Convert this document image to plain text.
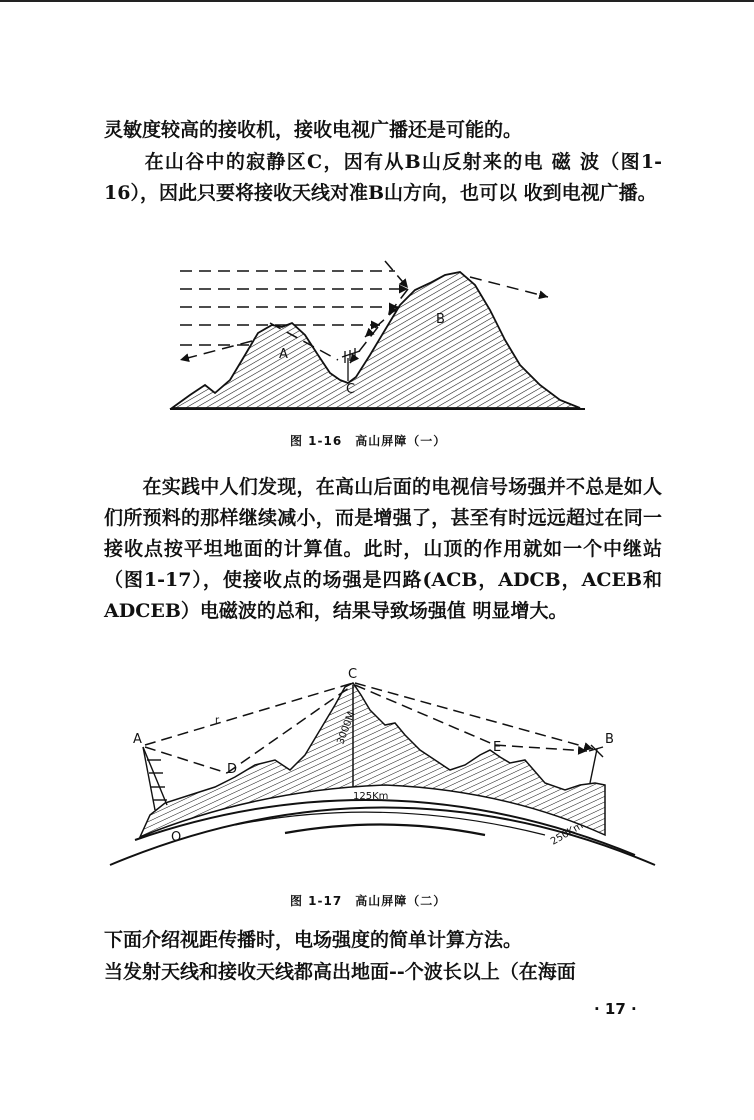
灵敏度较高的接收机，接收电视广播还是可能的。

　　在山谷中的寂静区C，因有从B山反射来的电 磁 波（图1-16），因此只要将接收天线对准B山方向，也可以 收到电视广播。

A
B
C
图 1-16　高山屏障（一）

　　在实践中人们发现，在高山后面的电视信号场强并不总是如人们所预料的那样继续减小，而是增强了，甚至有时远远超过在同一接收点按平坦地面的计算值。此时，山顶的作用就如一个中继站（图1-17），使接收点的场强是四路(ACB，ADCB，ACEB和ADCEB）电磁波的总和，结果导致场强值 明显增大。

3000M
125Km
250Km
A	B
C
D
E
O
r
图 1-17　高山屏障（二）

下面介绍视距传播时，电场强度的简单计算方法。

当发射天线和接收天线都高出地面--个波长以上（在海面

· 17 ·
